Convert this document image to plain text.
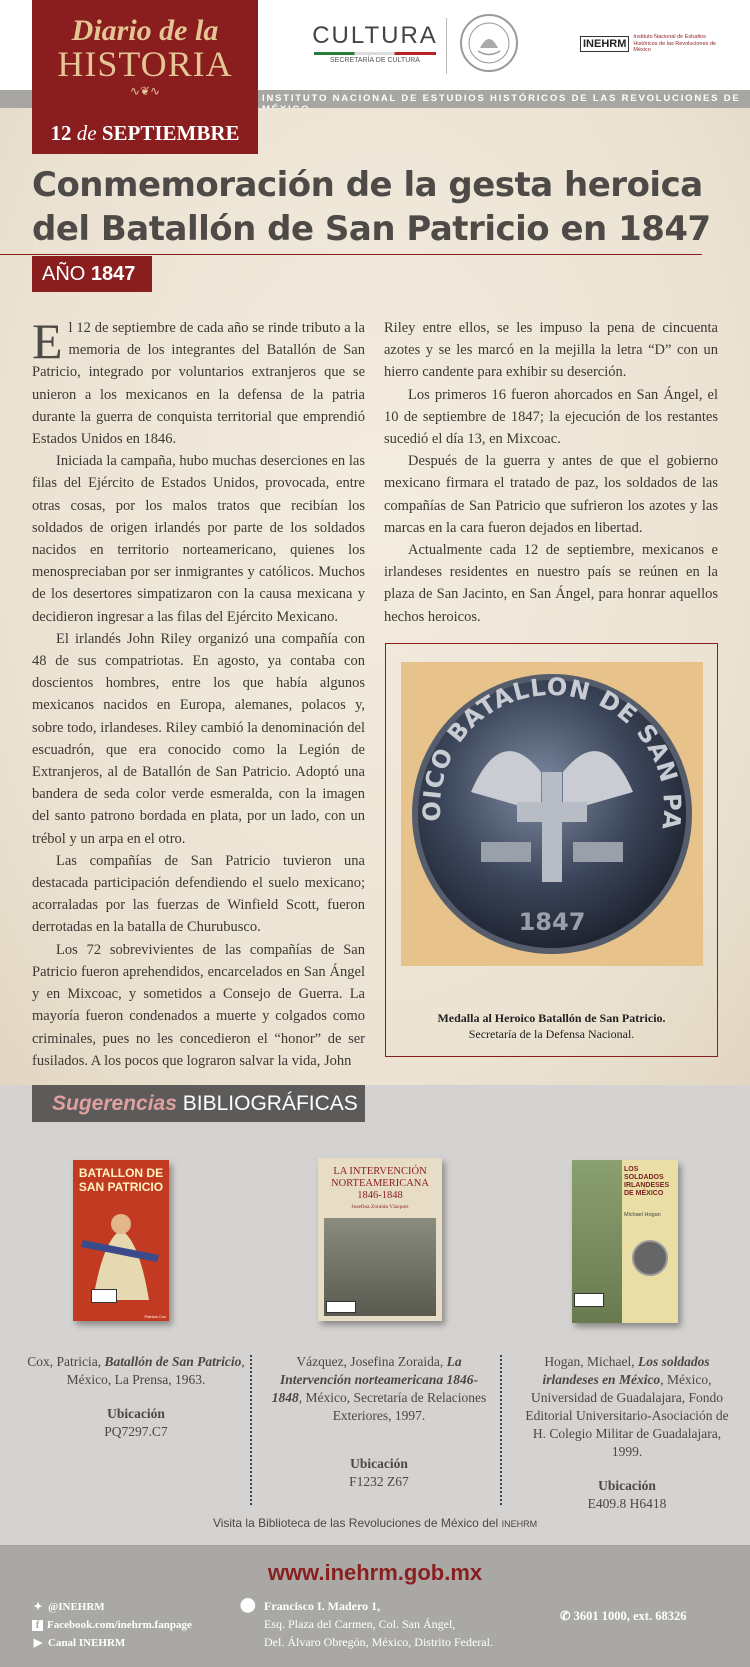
Diario de la
HISTORIA
∿❦∿
12 de SEPTIEMBRE
CULTURA
SECRETARÍA DE CULTURA
INEHRM
Instituto Nacional de Estudios Históricos de las Revoluciones de México
INSTITUTO NACIONAL DE ESTUDIOS HISTÓRICOS DE LAS REVOLUCIONES DE
Conmemoración de la gesta heroica del Batallón de San Patricio en 1847
AÑO 1847

El 12 de septiembre de cada año se rinde tributo a la memoria de los integrantes del Batallón de San Patricio, integrado por voluntarios extranjeros que se unieron a los mexicanos en la defensa de la patria durante la guerra de conquista territorial que emprendió Estados Unidos en 1846.

Iniciada la campaña, hubo muchas deserciones en las filas del Ejército de Estados Unidos, provocada, entre otras cosas, por los malos tratos que recibían los soldados de origen irlandés por parte de los soldados nacidos en territorio norteamericano, quienes los menospreciaban por ser inmigrantes y católicos. Muchos de los desertores simpatizaron con la causa mexicana y decidieron ingresar a las filas del Ejército Mexicano.

El irlandés John Riley organizó una compañía con 48 de sus compatriotas. En agosto, ya contaba con doscientos hombres, entre los que había algunos mexicanos nacidos en Europa, alemanes, polacos y, sobre todo, irlandeses. Riley cambió la denominación del escuadrón, que era conocido como la Legión de Extranjeros, al de Batallón de San Patricio. Adoptó una bandera de seda color verde esmeralda, con la imagen del santo patrono bordada en plata, por un lado, con un trébol y un arpa en el otro.

Las compañías de San Patricio tuvieron una destacada participación defendiendo el suelo mexicano; acorraladas por las fuerzas de Winfield Scott, fueron derrotadas en la batalla de Churubusco.

Los 72 sobrevivientes de las compañías de San Patricio fueron aprehendidos, encarcelados en San Ángel y en Mixcoac, y sometidos a Consejo de Guerra. La mayoría fueron condenados a muerte y colgados como criminales, pues no les concedieron el “honor” de ser fusilados. A los pocos que lograron salvar la vida, John

Riley entre ellos, se les impuso la pena de cincuenta azotes y se les marcó en la mejilla la letra “D” con un hierro candente para exhibir su deserción.

Los primeros 16 fueron ahorcados en San Ángel, el 10 de septiembre de 1847; la ejecución de los restantes sucedió el día 13, en Mixcoac.

Después de la guerra y antes de que el gobierno mexicano firmara el tratado de paz, los soldados de las compañías de San Patricio que sufrieron los azotes y las marcas en la cara fueron dejados en libertad.

Actualmente cada 12 de septiembre, mexicanos e irlandeses residentes en nuestro país se reúnen en la plaza de San Jacinto, en San Ángel, para honrar aquellos hechos heroicos.

OICO BATALLON DE SAN PA
1847
Medalla al Heroico Batallón de San Patricio.
Secretaría de la Defensa Nacional.
Sugerencias BIBLIOGRÁFICAS
BATALLON DE SAN PATRICIO
Patricia Cox
LA INTERVENCIÓN NORTEAMERICANA 1846-1848
Josefina Zoraida Vázquez
LOS SOLDADOS IRLANDESES DE MÉXICO
Michael Hogan
Cox, Patricia, Batallón de San Patricio, México, La Prensa, 1963.
Ubicación
PQ7297.C7
Vázquez, Josefina Zoraida, La Intervención norteamericana 1846-1848, México, Secretaría de Relaciones Exteriores, 1997.
Ubicación
F1232 Z67
Hogan, Michael, Los soldados irlandeses en México, México, Universidad de Guadalajara, Fondo Editorial Universitario-Asociación de H. Colegio Militar de Guadalajara, 1999.
Ubicación
E409.8 H6418
Visita la Biblioteca de las Revoluciones de México del INEHRM
www.inehrm.gob.mx
✦ @INEHRM
f Facebook.com/inehrm.fanpage
▶ Canal INEHRM
⬤ Francisco I. Madero 1,
Esq. Plaza del Carmen, Col. San Ángel,
Del. Álvaro Obregón, México, Distrito Federal.
✆ 3601 1000, ext. 68326
